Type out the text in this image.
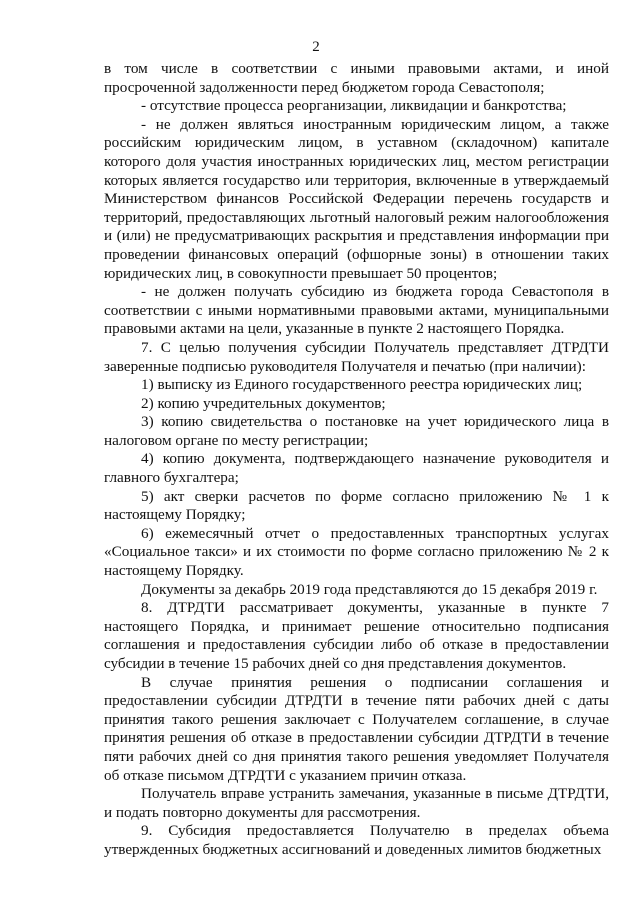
2

в том числе в соответствии с иными правовыми актами, и иной просроченной задолженности перед бюджетом города Севастополя;

- отсутствие процесса реорганизации, ликвидации и банкротства;

- не должен являться иностранным юридическим лицом, а также российским юридическим лицом, в уставном (складочном) капитале которого доля участия иностранных юридических лиц, местом регистрации которых является государство или территория, включенные в утверждаемый Министерством финансов Российской Федерации перечень государств и территорий, предоставляющих льготный налоговый режим налогообложения и (или) не предусматривающих раскрытия и представления информации при проведении финансовых операций (офшорные зоны) в отношении таких юридических лиц, в совокупности превышает 50 процентов;

- не должен получать субсидию из бюджета города Севастополя в соответствии с иными нормативными правовыми актами, муниципальными правовыми актами на цели, указанные в пункте 2 настоящего Порядка.

7. С целью получения субсидии Получатель представляет ДТРДТИ заверенные подписью руководителя Получателя и печатью (при наличии):

1) выписку из Единого государственного реестра юридических лиц;

2) копию учредительных документов;

3) копию свидетельства о постановке на учет юридического лица в налоговом органе по месту регистрации;

4) копию документа, подтверждающего назначение руководителя и главного бухгалтера;

5) акт сверки расчетов по форме согласно приложению № 1 к настоящему Порядку;

6) ежемесячный отчет о предоставленных транспортных услугах «Социальное такси» и их стоимости по форме согласно приложению № 2 к настоящему Порядку.

Документы за декабрь 2019 года представляются до 15 декабря 2019 г.

8. ДТРДТИ рассматривает документы, указанные в пункте 7 настоящего Порядка, и принимает решение относительно подписания соглашения и предоставления субсидии либо об отказе в предоставлении субсидии в течение 15 рабочих дней со дня представления документов.

В случае принятия решения о подписании соглашения и предоставлении субсидии ДТРДТИ в течение пяти рабочих дней с даты принятия такого решения заключает с Получателем соглашение, в случае принятия решения об отказе в предоставлении субсидии ДТРДТИ в течение пяти рабочих дней со дня принятия такого решения уведомляет Получателя об отказе письмом ДТРДТИ с указанием причин отказа.

Получатель вправе устранить замечания, указанные в письме ДТРДТИ, и подать повторно документы для рассмотрения.

9. Субсидия предоставляется Получателю в пределах объема утвержденных бюджетных ассигнований и доведенных лимитов бюджетных
